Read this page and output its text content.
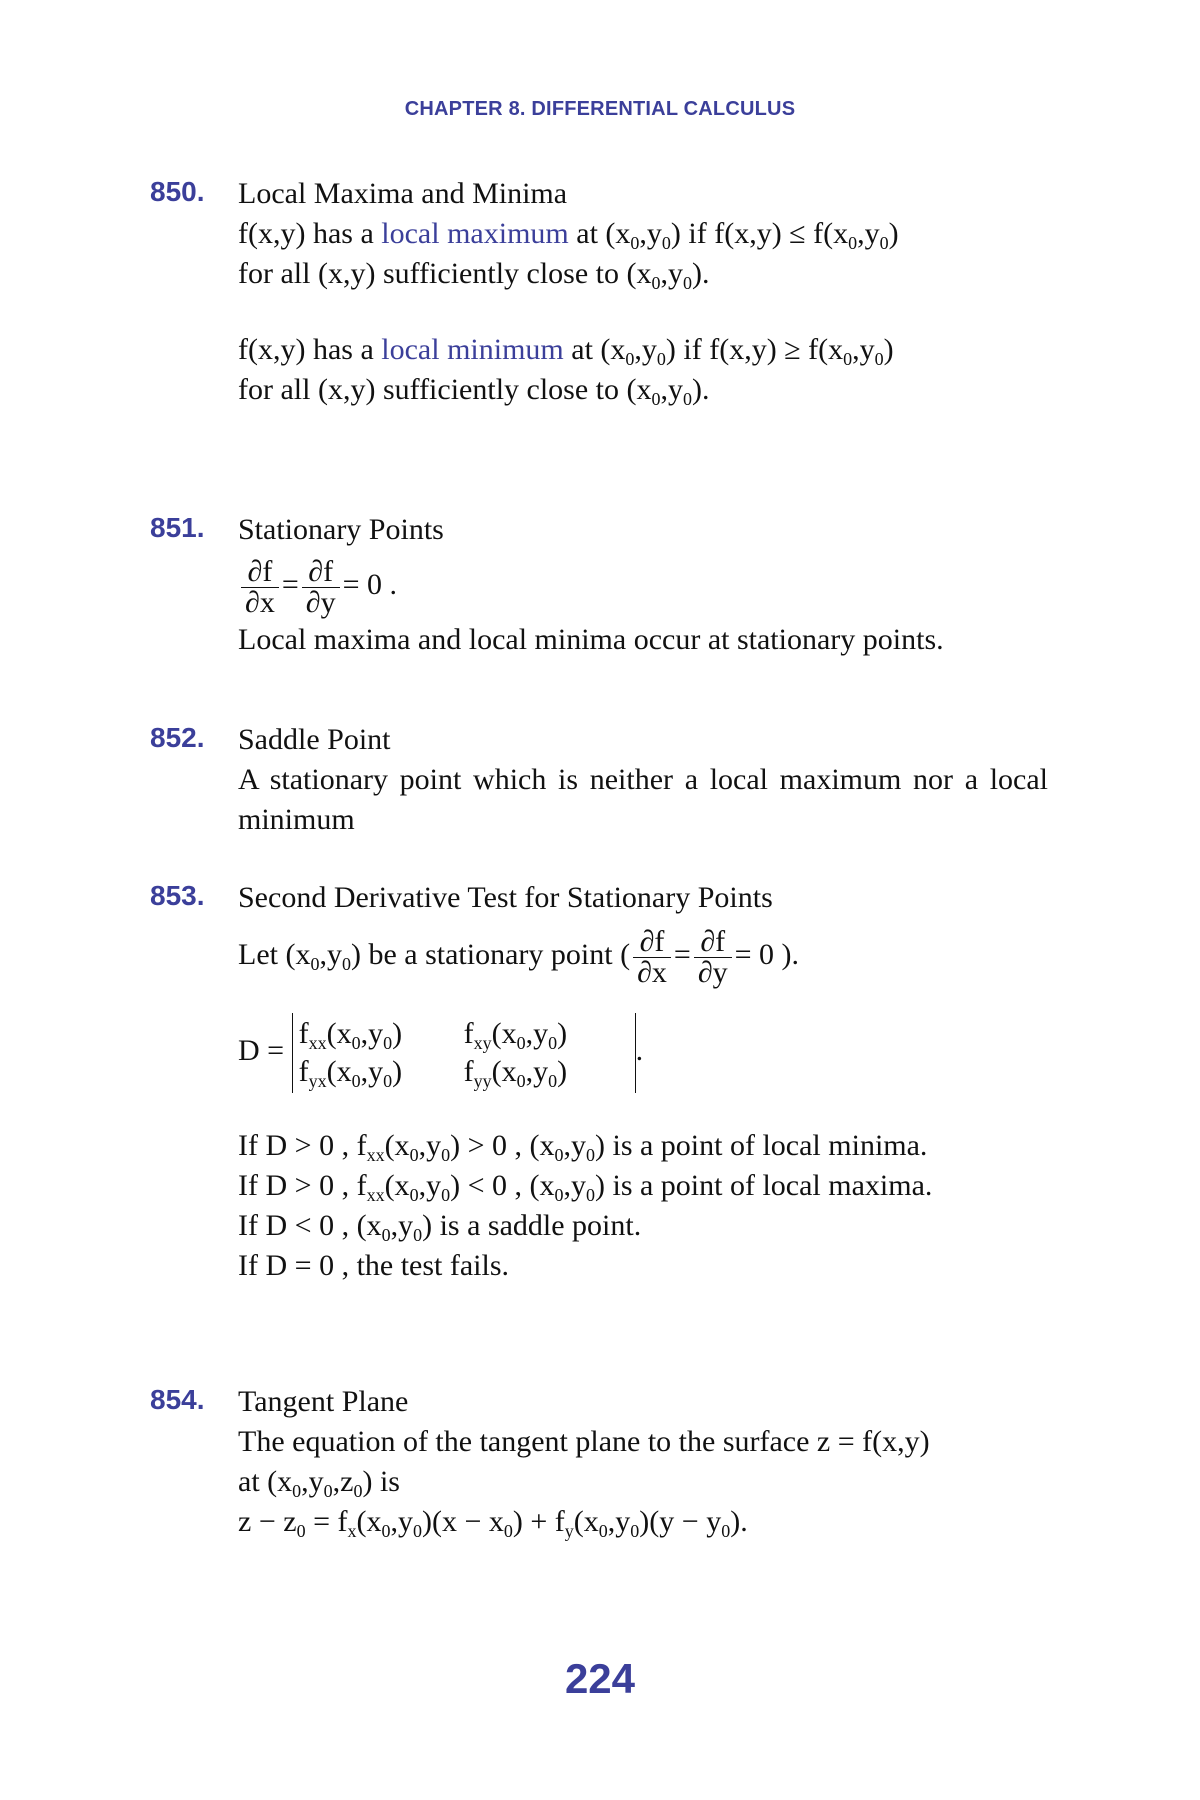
CHAPTER 8. DIFFERENTIAL CALCULUS
850. Local Maxima and Minima
f(x,y) has a local maximum at $(x_0,y_0)$ if $f(x,y) \le f(x_0,y_0)$
for all (x,y) sufficiently close to $(x_0,y_0)$.
f(x,y) has a local minimum at $(x_0,y_0)$ if $f(x,y) \ge f(x_0,y_0)$
for all (x,y) sufficiently close to $(x_0,y_0)$.
851. Stationary Points
$\frac{\partial f}{\partial x} = \frac{\partial f}{\partial y} = 0$ .
Local maxima and local minima occur at stationary points.
852. Saddle Point
A stationary point which is neither a local maximum nor a local minimum
853. Second Derivative Test for Stationary Points
Let $(x_0,y_0)$ be a stationary point ( $\frac{\partial f}{\partial x} = \frac{\partial f}{\partial y} = 0$ ).
D =
$f_{xx}(x_0,y_0)$ $f_{xy}(x_0,y_0)$
$f_{yx}(x_0,y_0)$ $f_{yy}(x_0,y_0)$
.
If D > 0 , $f_{xx}(x_0,y_0) > 0$ , $(x_0,y_0)$ is a point of local minima.
If D > 0 , $f_{xx}(x_0,y_0) < 0$ , $(x_0,y_0)$ is a point of local maxima.
If D < 0 , $(x_0,y_0)$ is a saddle point.
If D = 0 , the test fails.
854. Tangent Plane
The equation of the tangent plane to the surface z = f(x,y)
at $(x_0,y_0,z_0)$ is
$z - z_0 = f_x(x_0,y_0)(x - x_0) + f_y(x_0,y_0)(y - y_0)$.
224
